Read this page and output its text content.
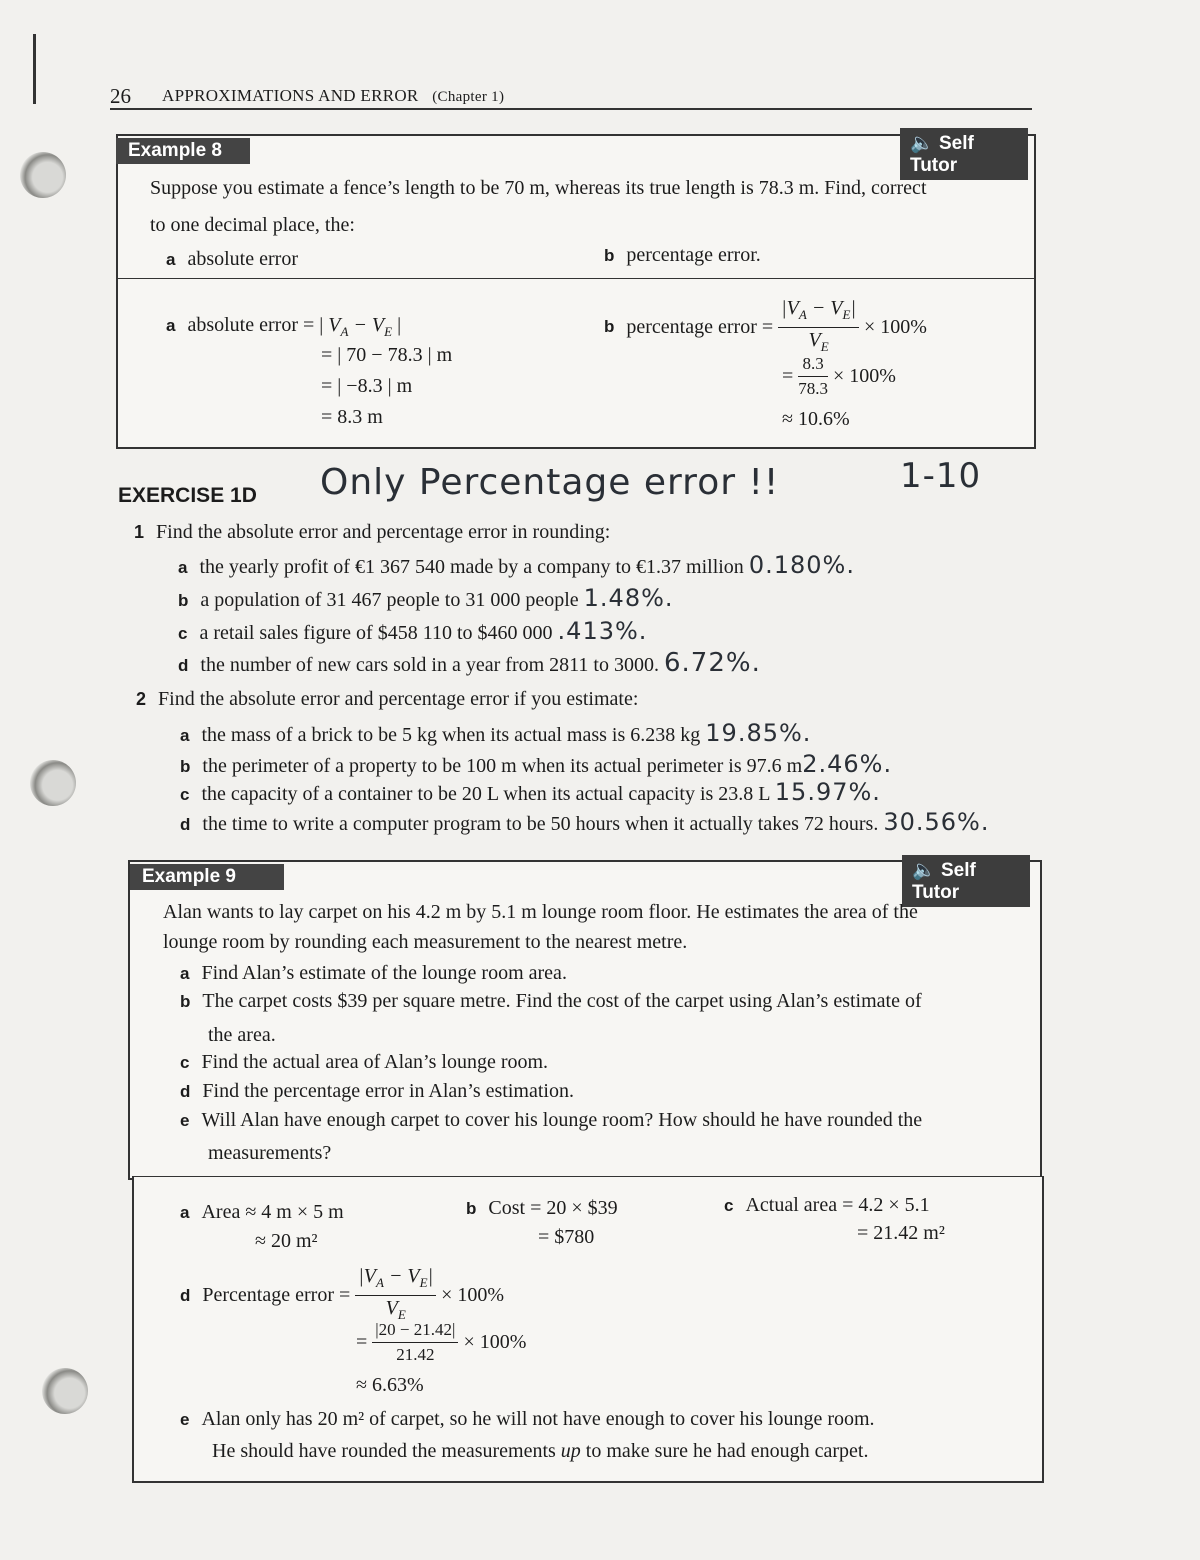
26 APPROXIMATIONS AND ERROR (Chapter 1)
Example 8	🔈 Self Tutor
Suppose you estimate a fence’s length to be 70 m, whereas its true length is 78.3 m. Find, correct
to one decimal place, the:
a absolute error	b percentage error.
a absolute error = | $V_A - V_E$ |
= | 70 − 78.3 | m
= | −8.3 | m
= 8.3 m
b percentage error = $\frac{|V_A - V_E|}{V_E} \times 100\%$
= $\frac{8.3}{78.3} \times 100\%$
≈ 10.6%
EXERCISE 1D Only Percentage error !!	1-10
1 Find the absolute error and percentage error in rounding:
a the yearly profit of €1 367 540 made by a company to €1.37 million 0.180%.
b a population of 31 467 people to 31 000 people 1.48%.
c a retail sales figure of $458 110 to $460 000 .413%.
d the number of new cars sold in a year from 2811 to 3000. 6.72%.
2 Find the absolute error and percentage error if you estimate:
a the mass of a brick to be 5 kg when its actual mass is 6.238 kg 19.85%.
b the perimeter of a property to be 100 m when its actual perimeter is 97.6 m2.46%.
c the capacity of a container to be 20 L when its actual capacity is 23.8 L 15.97%.
d the time to write a computer program to be 50 hours when it actually takes 72 hours. 30.56%.
Example 9	🔈 Self Tutor
Alan wants to lay carpet on his 4.2 m by 5.1 m lounge room floor. He estimates the area of the
lounge room by rounding each measurement to the nearest metre.
a Find Alan’s estimate of the lounge room area.
b The carpet costs $39 per square metre. Find the cost of the carpet using Alan’s estimate of
the area.
c Find the actual area of Alan’s lounge room.
d Find the percentage error in Alan’s estimation.
e Will Alan have enough carpet to cover his lounge room? How should he have rounded the
measurements?
a Area ≈ 4 m × 5 m
≈ 20 m²
b Cost = 20 × $39
= $780
c Actual area = 4.2 × 5.1
= 21.42 m²
d Percentage error = $\frac{|V_A - V_E|}{V_E} \times 100\%$
= $\frac{|20 - 21.42|}{21.42} \times 100\%$
≈ 6.63%
e Alan only has 20 m² of carpet, so he will not have enough to cover his lounge room.
He should have rounded the measurements up to make sure he had enough carpet.
